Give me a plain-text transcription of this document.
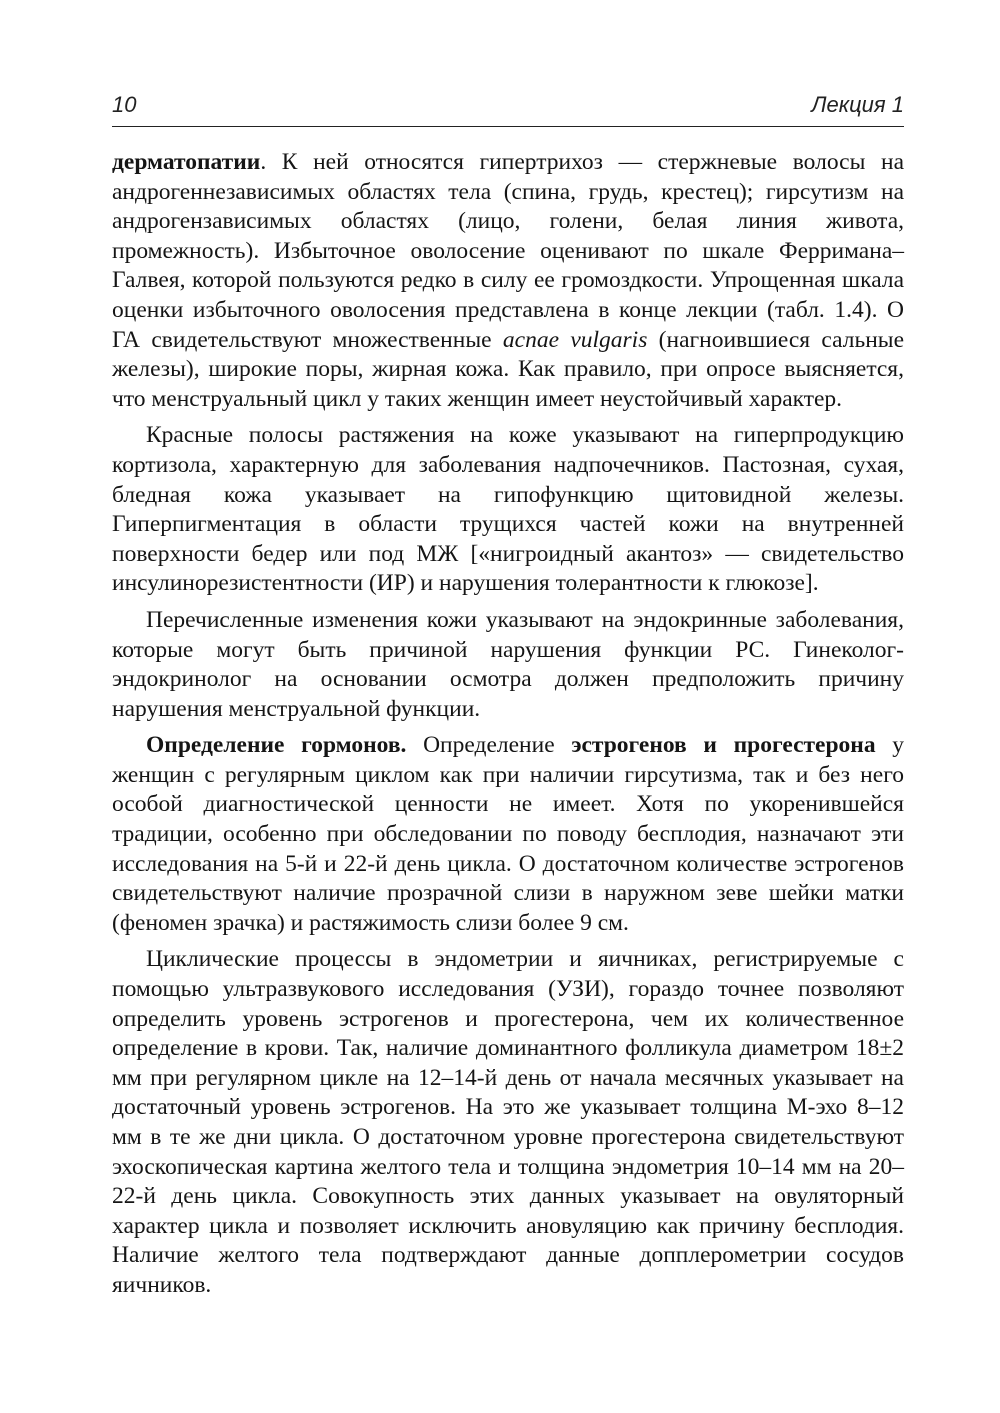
10	Лекция 1

дерматопатии. К ней относятся гипертрихоз — стержневые волосы на андрогеннезависимых областях тела (спина, грудь, крестец); гирсутизм на андрогензависимых областях (лицо, голени, белая линия живота, промежность). Избыточное оволосение оценивают по шкале Ферримана–Галвея, которой пользуются редко в силу ее громоздкости. Упрощенная шкала оценки избыточного оволосения представлена в конце лекции (табл. 1.4). О ГА свидетельствуют множественные acnae vulgaris (нагноившиеся сальные железы), широкие поры, жирная кожа. Как правило, при опросе выясняется, что менструальный цикл у таких женщин имеет неустойчивый характер.

Красные полосы растяжения на коже указывают на гиперпродукцию кортизола, характерную для заболевания надпочечников. Пастозная, сухая, бледная кожа указывает на гипофункцию щитовидной железы. Гиперпигментация в области трущихся частей кожи на внутренней поверхности бедер или под МЖ [«нигроидный акантоз» — свидетельство инсулинорезистентности (ИР) и нарушения толерантности к глюкозе].

Перечисленные изменения кожи указывают на эндокринные заболевания, которые могут быть причиной нарушения функции РС. Гинеколог-эндокринолог на основании осмотра должен предположить причину нарушения менструальной функции.

Определение гормонов. Определение эстрогенов и прогестерона у женщин с регулярным циклом как при наличии гирсутизма, так и без него особой диагностической ценности не имеет. Хотя по укоренившейся традиции, особенно при обследовании по поводу бесплодия, назначают эти исследования на 5-й и 22-й день цикла. О достаточном количестве эстрогенов свидетельствуют наличие прозрачной слизи в наружном зеве шейки матки (феномен зрачка) и растяжимость слизи более 9 см.

Циклические процессы в эндометрии и яичниках, регистрируемые с помощью ультразвукового исследования (УЗИ), гораздо точнее позволяют определить уровень эстрогенов и прогестерона, чем их количественное определение в крови. Так, наличие доминантного фолликула диаметром 18±2 мм при регулярном цикле на 12–14-й день от начала месячных указывает на достаточный уровень эстрогенов. На это же указывает толщина М-эхо 8–12 мм в те же дни цикла. О достаточном уровне прогестерона свидетельствуют эхоскопическая картина желтого тела и толщина эндометрия 10–14 мм на 20–22-й день цикла. Совокупность этих данных указывает на овуляторный характер цикла и позволяет исключить ановуляцию как причину бесплодия. Наличие желтого тела подтверждают данные допплерометрии сосудов яичников.
